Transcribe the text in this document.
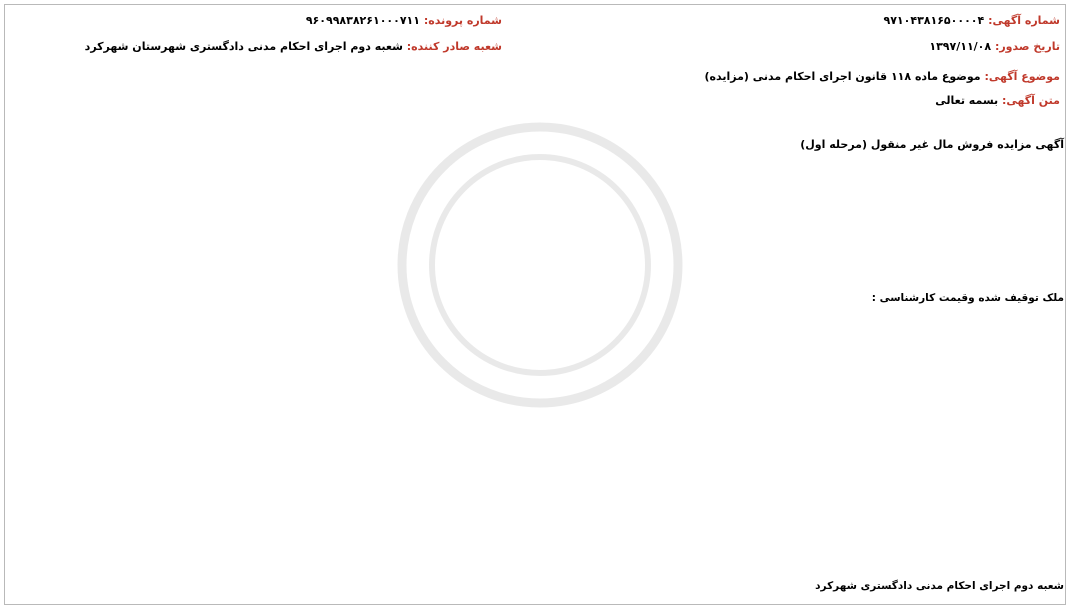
شماره آگهی: ۹۷۱۰۴۳۸۱۶۵۰۰۰۰۴
شماره پرونده: ۹۶۰۹۹۸۳۸۲۶۱۰۰۰۷۱۱
تاریخ صدور: ۱۳۹۷/۱۱/۰۸
شعبه صادر کننده: شعبه دوم اجرای احکام مدنی دادگستری شهرستان شهرکرد
موضوع آگهی: موضوع ماده ۱۱۸ قانون اجرای احکام مدنی (مزایده)
متن آگهی: بسمه تعالی
آگهی مزایده فروش مال غیر منقول (مرحله اول)
ملک توقیف شده وقیمت کارشناسی :
شعبه دوم اجرای احکام مدنی دادگستری شهرکرد
